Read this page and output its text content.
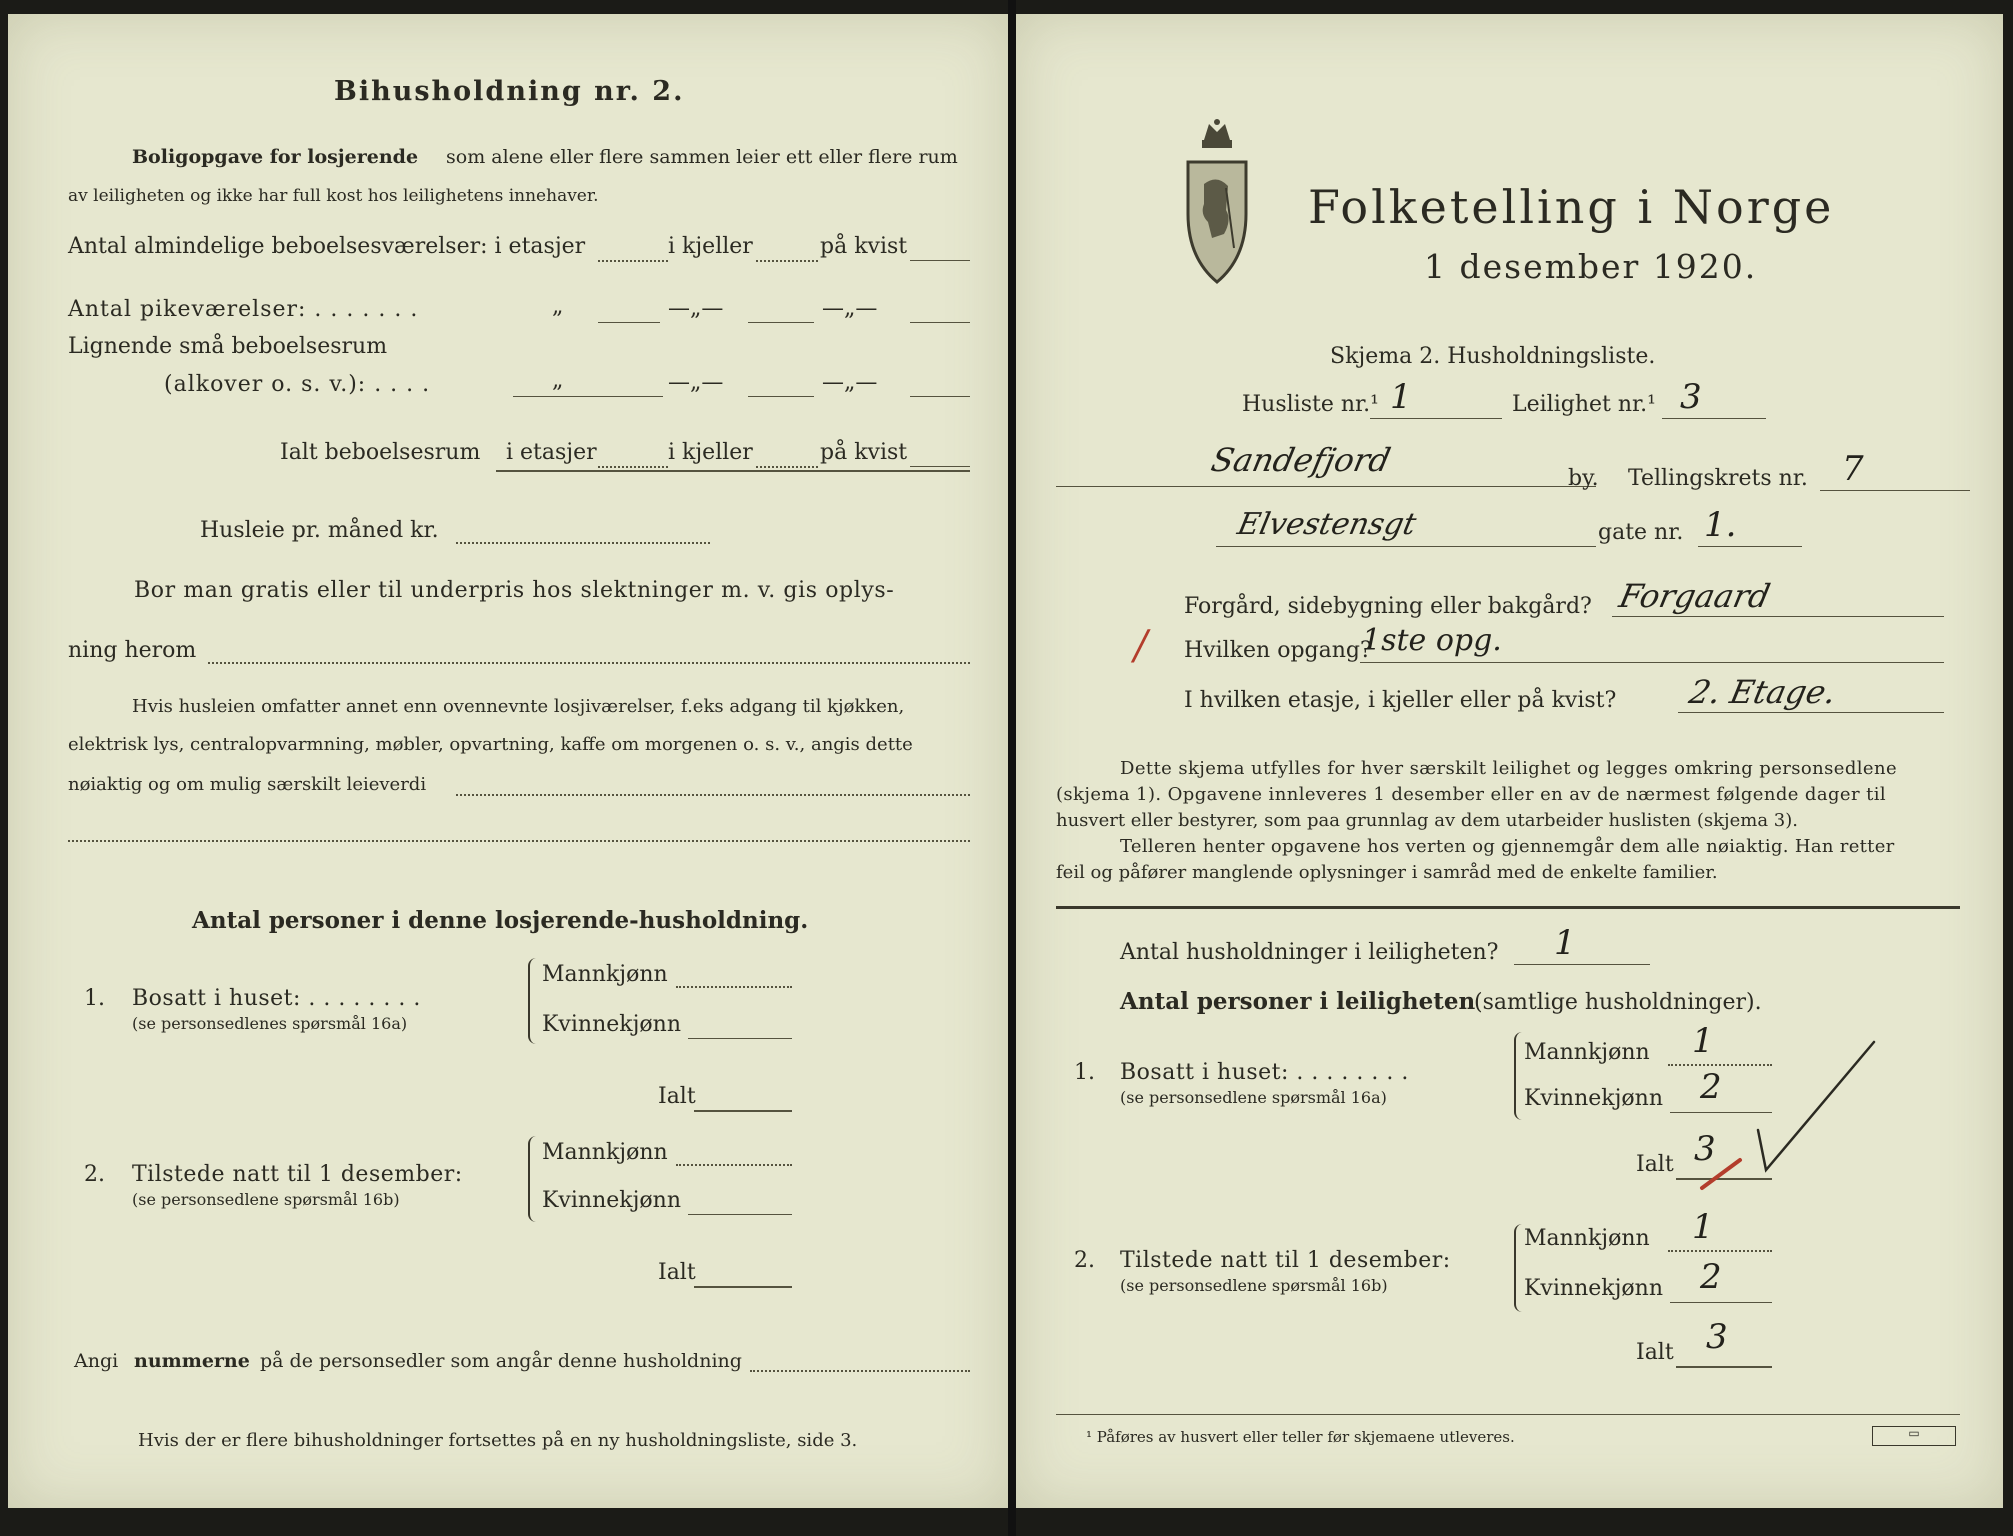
Bihusholdning nr. 2.
Boligopgave for losjerende som alene eller flere sammen leier ett eller flere rum
av leiligheten og ikke har full kost hos leilighetens innehaver.
Antal almindelige beboelsesværelser: i etasjer	i kjeller	på kvist
Antal pikeværelser: . . . . . . .	„	—„—	—„—
Lignende små beboelsesrum
(alkover o. s. v.): . . . .	„	—„—	—„—
Ialt beboelsesrum i etasjer	i kjeller	på kvist
Husleie pr. måned kr.
Bor man gratis eller til underpris hos slektninger m. v. gis oplys-
ning herom
Hvis husleien omfatter annet enn ovennevnte losjiværelser, f.eks adgang til kjøkken,
elektrisk lys, centralopvarmning, møbler, opvartning, kaffe om morgenen o. s. v., angis dette
nøiaktig og om mulig særskilt leieverdi
Antal personer i denne losjerende-husholdning.
1. Bosatt i huset: . . . . . . . .
(se personsedlenes spørsmål 16a)
Mannkjønn
Kvinnekjønn
Ialt
2. Tilstede natt til 1 desember:
(se personsedlene spørsmål 16b)
Mannkjønn
Kvinnekjønn
Ialt
Angi nummerne på de personsedler som angår denne husholdning
Hvis der er flere bihusholdninger fortsettes på en ny husholdningsliste, side 3.
Folketelling i Norge
1 desember 1920.
Skjema 2. Husholdningsliste.
Husliste nr.¹ 1	Leilighet nr.¹ 3
Sandefjord	by. Tellingskrets nr. 7
Elvestensgt	gate nr. 1.
Forgård, sidebygning eller bakgård? Forgaard
/ Hvilken opgang?
1ste opg.
I hvilken etasje, i kjeller eller på kvist? 2. Etage.
Dette skjema utfylles for hver særskilt leilighet og legges omkring personsedlene
(skjema 1). Opgavene innleveres 1 desember eller en av de nærmest følgende dager til
husvert eller bestyrer, som paa grunnlag av dem utarbeider huslisten (skjema 3).
Telleren henter opgavene hos verten og gjennemgår dem alle nøiaktig. Han retter
feil og påfører manglende oplysninger i samråd med de enkelte familier.
Antal husholdninger i leiligheten? 1
Antal personer i leiligheten
(samtlige husholdninger).
1. Bosatt i huset: . . . . . . . .
(se personsedlene spørsmål 16a)
Mannkjønn 1
Kvinnekjønn 2
Ialt 3
2. Tilstede natt til 1 desember:
(se personsedlene spørsmål 16b)
Mannkjønn 1
Kvinnekjønn 2
Ialt 3
¹ Påføres av husvert eller teller før skjemaene utleveres.	▭
